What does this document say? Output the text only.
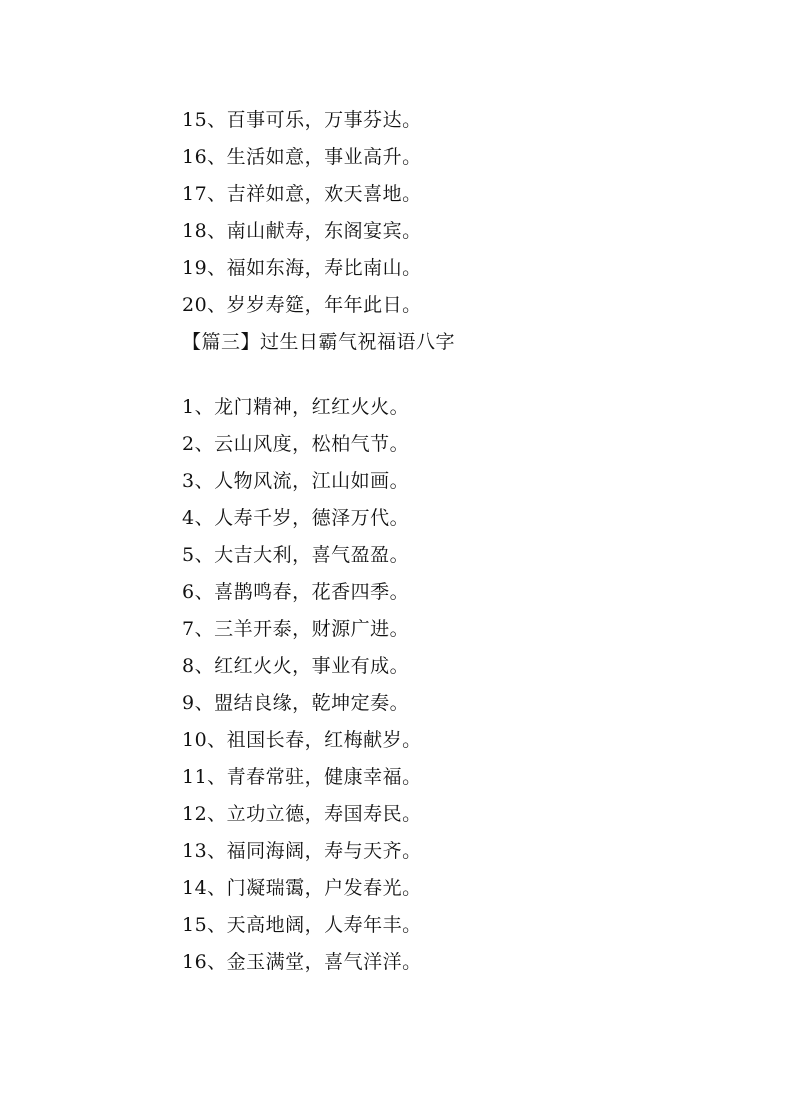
15、百事可乐，万事芬达。
16、生活如意，事业高升。
17、吉祥如意，欢天喜地。
18、南山献寿，东阁宴宾。
19、福如东海，寿比南山。
20、岁岁寿筵，年年此日。
【篇三】过生日霸气祝福语八字
1、龙门精神，红红火火。
2、云山风度，松柏气节。
3、人物风流，江山如画。
4、人寿千岁，德泽万代。
5、大吉大利，喜气盈盈。
6、喜鹊鸣春，花香四季。
7、三羊开泰，财源广进。
8、红红火火，事业有成。
9、盟结良缘，乾坤定奏。
10、祖国长春，红梅献岁。
11、青春常驻，健康幸福。
12、立功立德，寿国寿民。
13、福同海阔，寿与天齐。
14、门凝瑞霭，户发春光。
15、天高地阔，人寿年丰。
16、金玉满堂，喜气洋洋。
